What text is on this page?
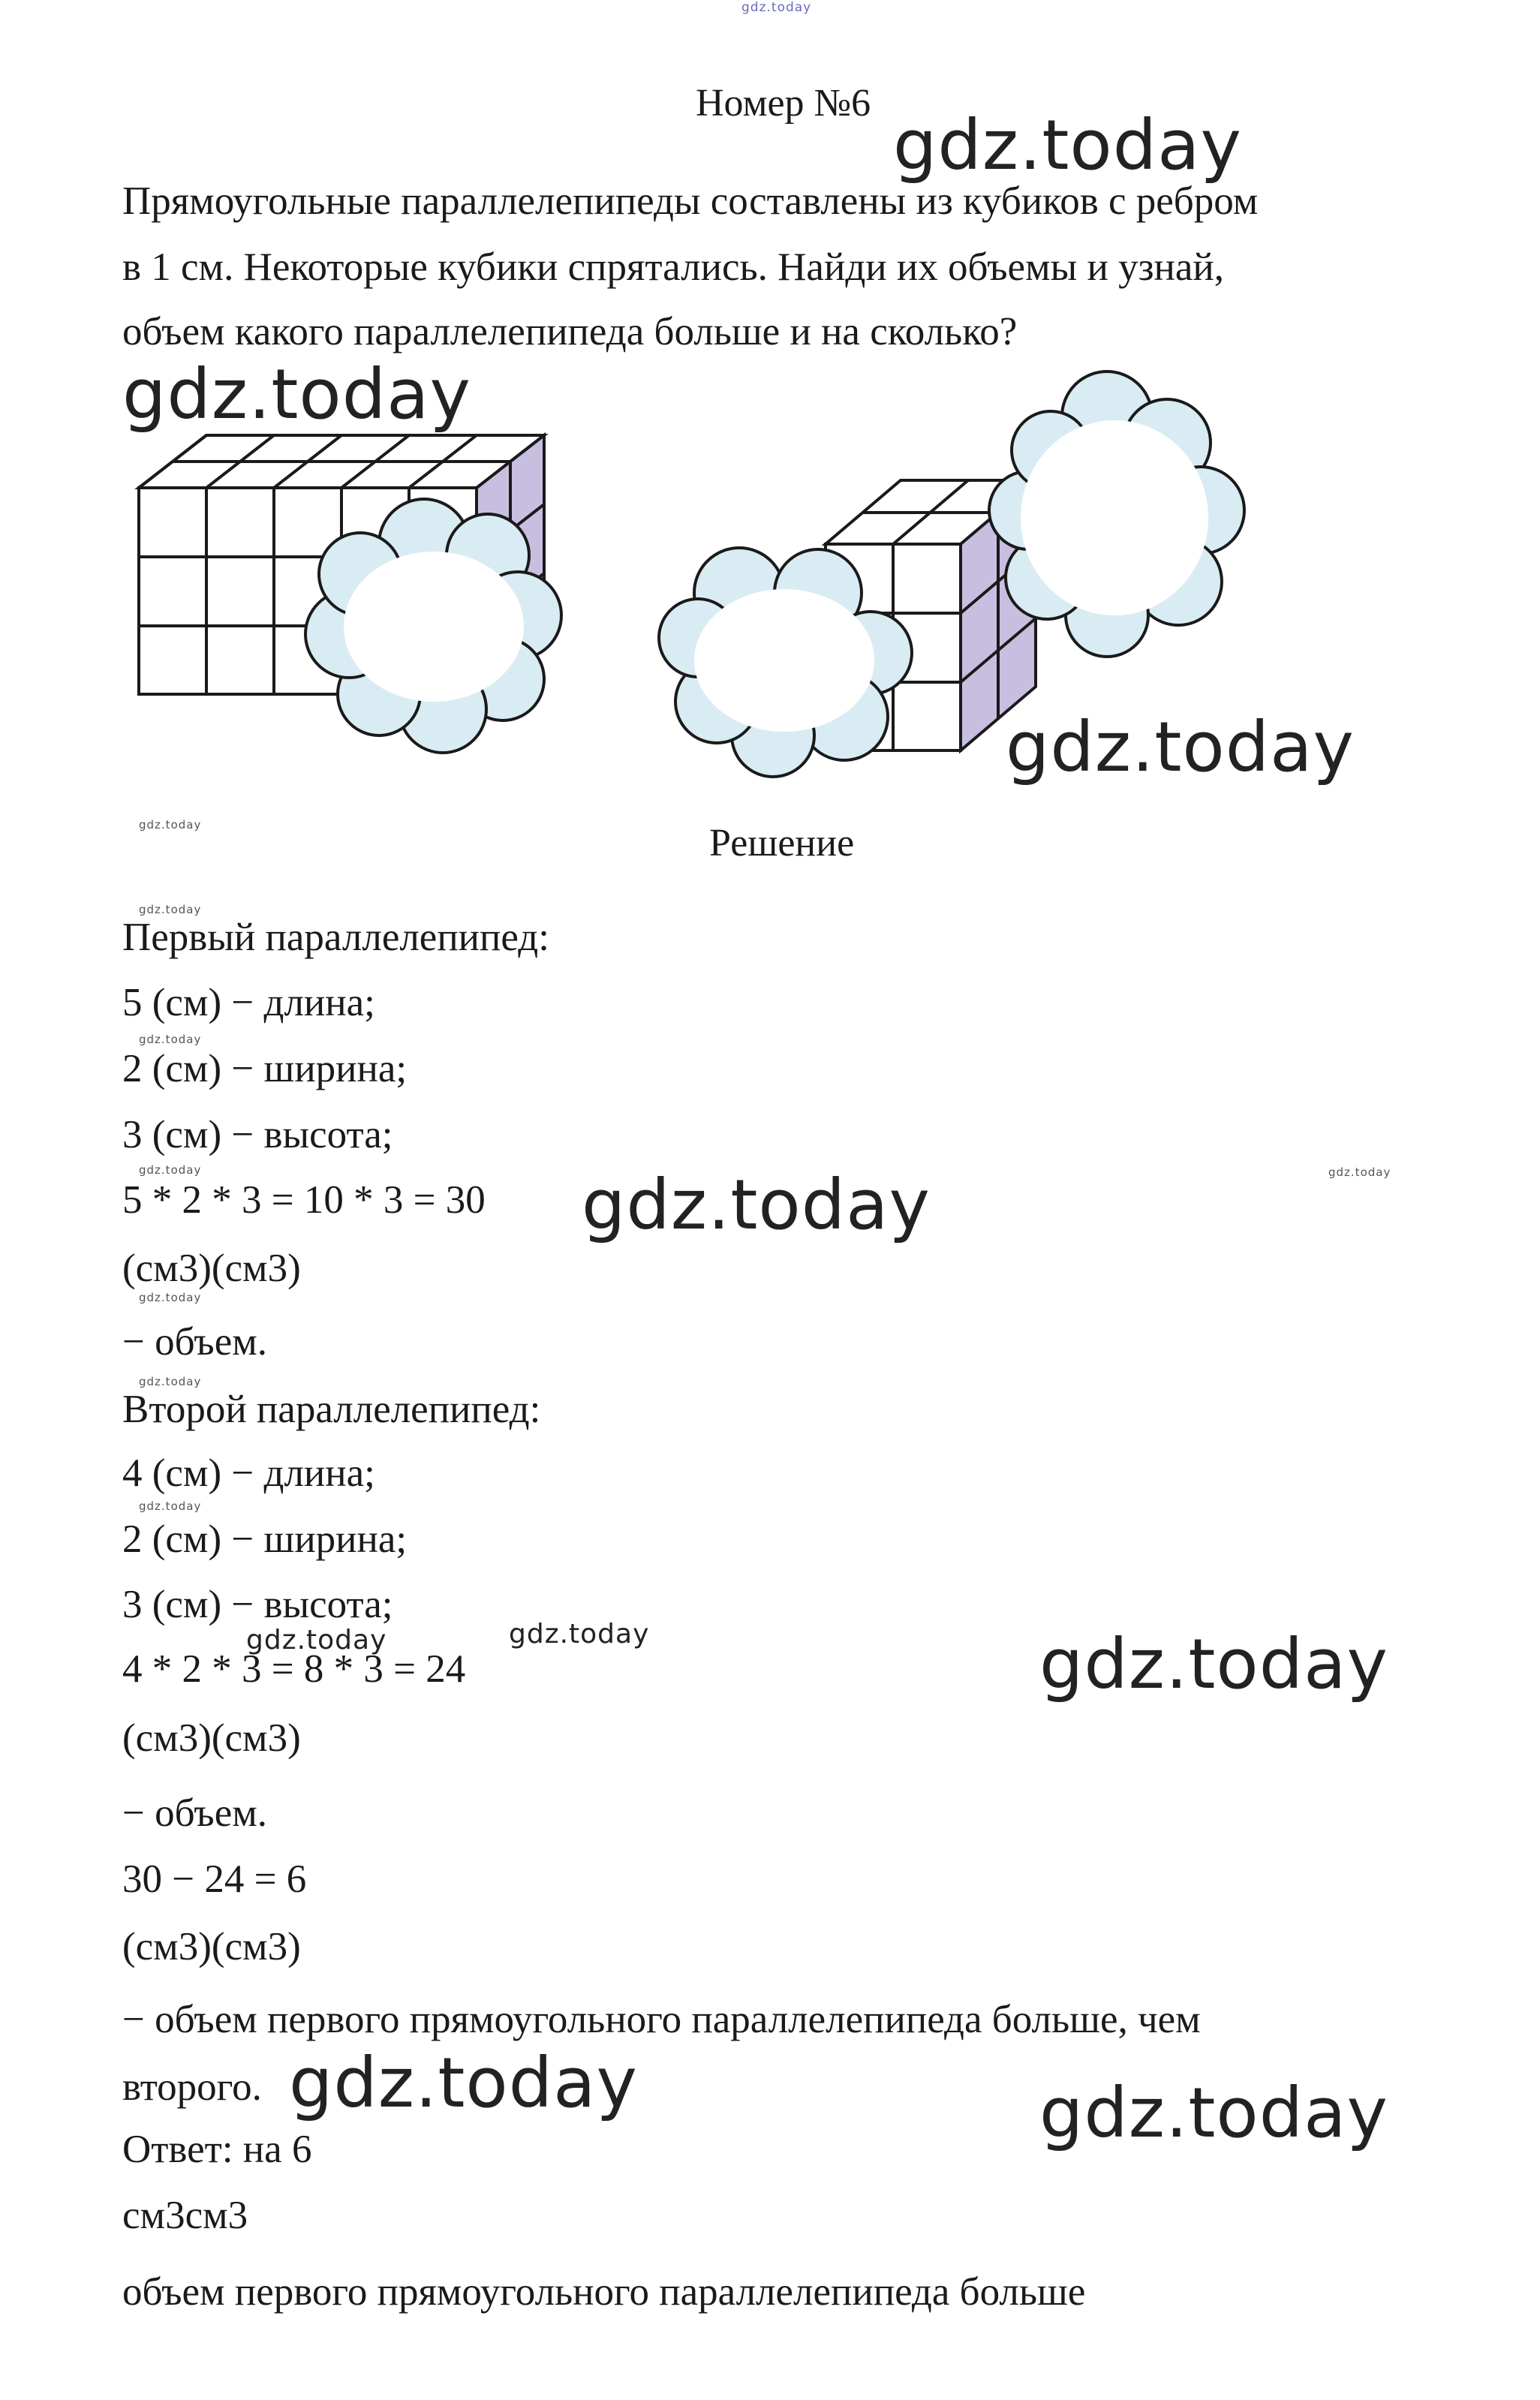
gdz.today
Номер №6
Прямоугольные параллелепипеды составлены из кубиков с ребром
в 1 см. Некоторые кубики спрятались. Найди их объемы и узнай,
объем какого параллелепипеда больше и на сколько?
gdz.today
gdz.today
gdz.today
gdz.today
gdz.today
gdz.today	gdz.today
gdz.today	gdz.today
gdz.today
gdz.today
gdz.today
gdz.today	gdz.today
gdz.today
gdz.today
gdz.today
Решение
Первый параллелепипед:
5 (см) − длина;
2 (см) − ширина;
3 (см) − высота;
5 * 2 * 3 = 10 * 3 = 30
(см3)(см3)
− объем.
Второй параллелепипед:
4 (см) − длина;
2 (см) − ширина;
3 (см) − высота;
4 * 2 * 3 = 8 * 3 = 24
(см3)(см3)
− объем.
30 − 24 = 6
(см3)(см3)
− объем первого прямоугольного параллелепипеда больше, чем
второго.
Ответ: на 6
см3см3
объем первого прямоугольного параллелепипеда больше
